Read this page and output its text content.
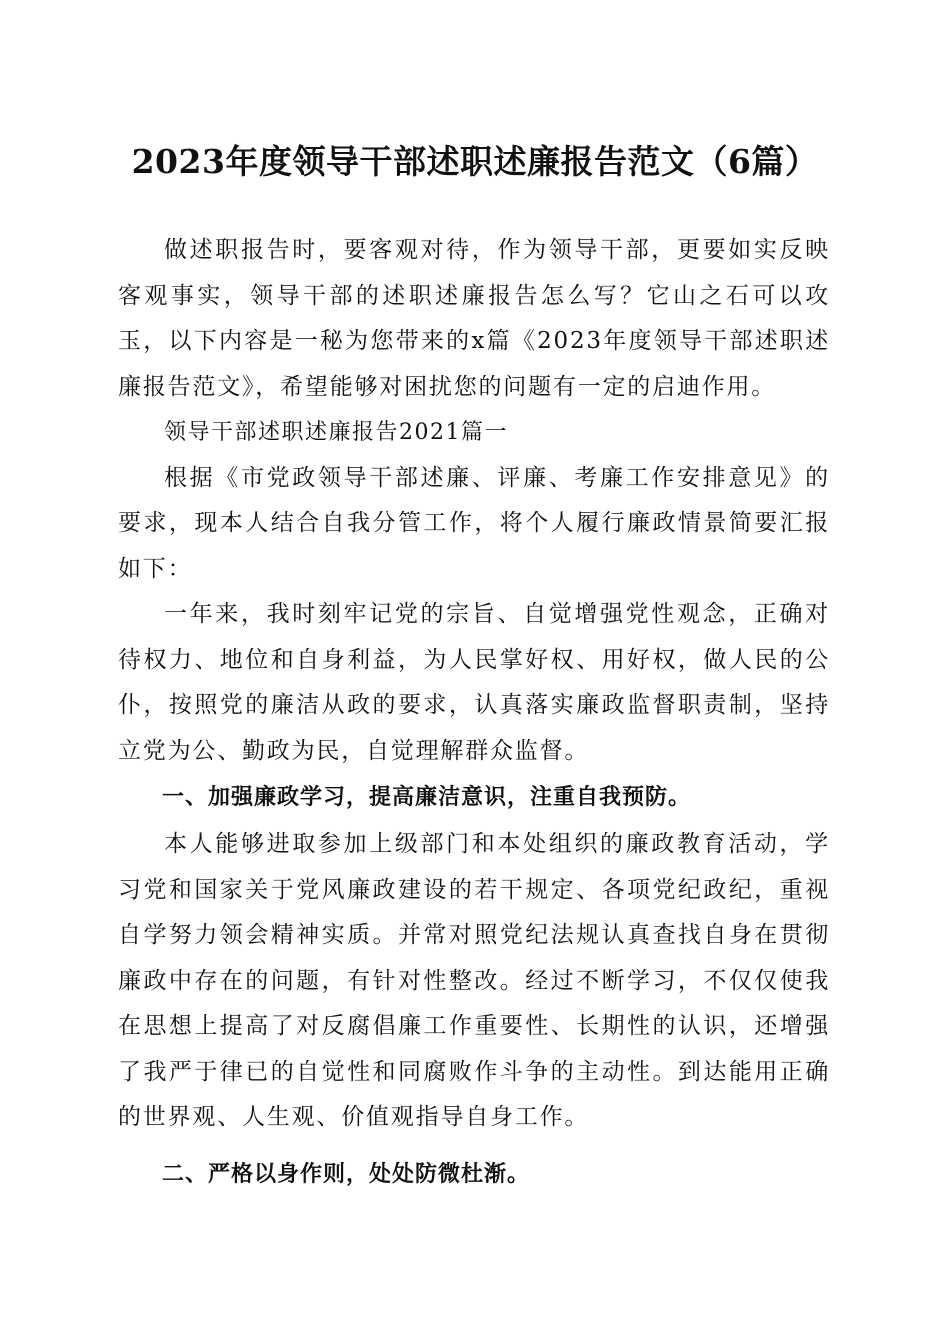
2023年度领导干部述职述廉报告范文（6篇）

做述职报告时，要客观对待，作为领导干部，更要如实反映客观事实，领导干部的述职述廉报告怎么写？它山之石可以攻玉，以下内容是一秘为您带来的x篇《2023年度领导干部述职述廉报告范文》，希望能够对困扰您的问题有一定的启迪作用。

领导干部述职述廉报告2021篇一

根据《市党政领导干部述廉、评廉、考廉工作安排意见》的要求，现本人结合自我分管工作，将个人履行廉政情景简要汇报如下：

一年来，我时刻牢记党的宗旨、自觉增强党性观念，正确对待权力、地位和自身利益，为人民掌好权、用好权，做人民的公仆，按照党的廉洁从政的要求，认真落实廉政监督职责制，坚持立党为公、勤政为民，自觉理解群众监督。

一、加强廉政学习，提高廉洁意识，注重自我预防。

本人能够进取参加上级部门和本处组织的廉政教育活动，学习党和国家关于党风廉政建设的若干规定、各项党纪政纪，重视自学努力领会精神实质。并常对照党纪法规认真查找自身在贯彻廉政中存在的问题，有针对性整改。经过不断学习，不仅仅使我在思想上提高了对反腐倡廉工作重要性、长期性的认识，还增强了我严于律已的自觉性和同腐败作斗争的主动性。到达能用正确的世界观、人生观、价值观指导自身工作。

二、严格以身作则，处处防微杜渐。
